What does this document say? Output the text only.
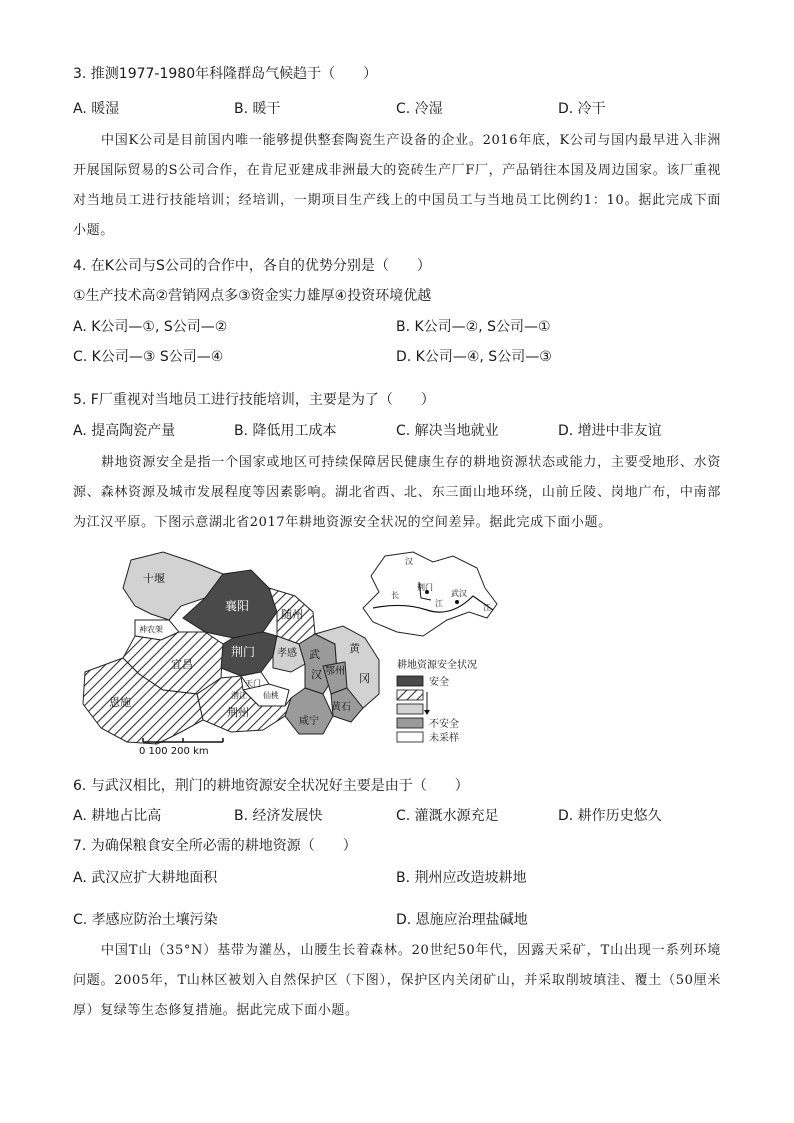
3. 推测1977-1980年科隆群岛气候趋于（　　）
A. 暖湿	B. 暖干	C. 冷湿	D. 冷干
中国K公司是目前国内唯一能够提供整套陶瓷生产设备的企业。2016年底，K公司与国内最早进入非洲开展国际贸易的S公司合作，在肯尼亚建成非洲最大的瓷砖生产厂F厂，产品销往本国及周边国家。该厂重视对当地员工进行技能培训；经培训，一期项目生产线上的中国员工与当地员工比例约1：10。据此完成下面小题。
4. 在K公司与S公司的合作中，各自的优势分别是（　　）
①生产技术高②营销网点多③资金实力雄厚④投资环境优越
A. K公司—①, S公司—②	B. K公司—②, S公司—①
C. K公司—③ S公司—④	D. K公司—④, S公司—③
5. F厂重视对当地员工进行技能培训，主要是为了（　　）
A. 提高陶瓷产量	B. 降低用工成本	C. 解决当地就业	D. 增进中非友谊
耕地资源安全是指一个国家或地区可持续保障居民健康生存的耕地资源状态或能力，主要受地形、水资源、森林资源及城市发展程度等因素影响。湖北省西、北、东三面山地环绕，山前丘陵、岗地广布，中南部为江汉平原。下图示意湖北省2017年耕地资源安全状况的空间差异。据此完成下面小题。
十堰
襄阳
随州
神农架
宜昌
荆门 孝感 武
汉
黄
鄂州
冈
恩施
天门
潜江 仙桃
荆州
咸宁
黄石
0 100 200 km
汉
荆门
江
武汉
江
长
耕地资源安全状况
安全
不安全
未采样
6. 与武汉相比，荆门的耕地资源安全状况好主要是由于（　　）
A. 耕地占比高	B. 经济发展快	C. 灌溉水源充足	D. 耕作历史悠久
7. 为确保粮食安全所必需的耕地资源（　　）
A. 武汉应扩大耕地面积	B. 荆州应改造坡耕地
C. 孝感应防治土壤污染	D. 恩施应治理盐碱地
中国T山（35°N）基带为灌丛，山腰生长着森林。20世纪50年代，因露天采矿，T山出现一系列环境问题。2005年，T山林区被划入自然保护区（下图），保护区内关闭矿山，并采取削坡填洼、覆土（50厘米厚）复绿等生态修复措施。据此完成下面小题。
